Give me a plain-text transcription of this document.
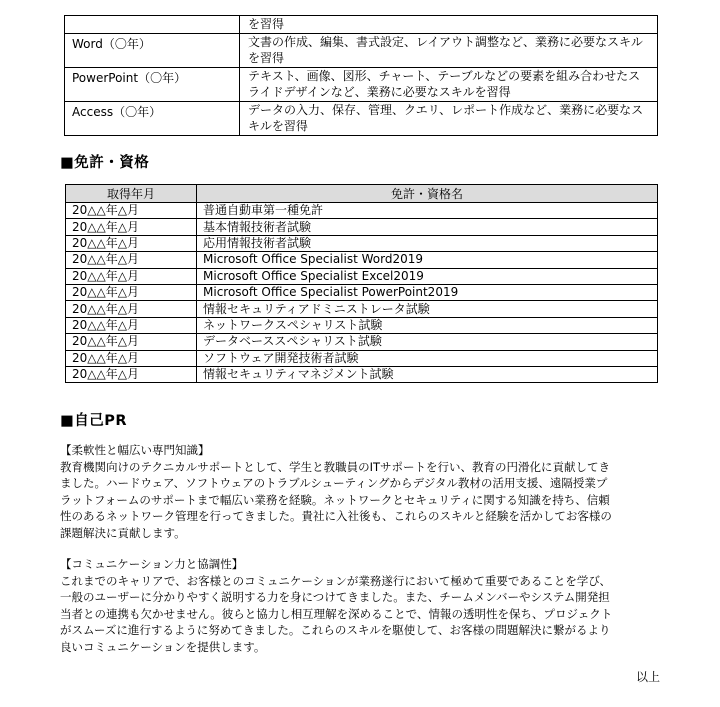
	を習得
Word（〇年）	文書の作成、編集、書式設定、レイアウト調整など、業務に必要なスキルを習得
PowerPoint（〇年）	テキスト、画像、図形、チャート、テーブルなどの要素を組み合わせたスライドデザインなど、業務に必要なスキルを習得
Access（〇年）	データの入力、保存、管理、クエリ、レポート作成など、業務に必要なスキルを習得
■免許・資格
取得年月	免許・資格名
20△△年△月	普通自動車第一種免許
20△△年△月	基本情報技術者試験
20△△年△月	応用情報技術者試験
20△△年△月	Microsoft Office Specialist Word2019
20△△年△月	Microsoft Office Specialist Excel2019
20△△年△月	Microsoft Office Specialist PowerPoint2019
20△△年△月	情報セキュリティアドミニストレータ試験
20△△年△月	ネットワークスペシャリスト試験
20△△年△月	データベーススペシャリスト試験
20△△年△月	ソフトウェア開発技術者試験
20△△年△月	情報セキュリティマネジメント試験
■自己PR

【柔軟性と幅広い専門知識】

教育機関向けのテクニカルサポートとして、学生と教職員のITサポートを行い、教育の円滑化に貢献してき

ました。ハードウェア、ソフトウェアのトラブルシューティングからデジタル教材の活用支援、遠隔授業プ

ラットフォームのサポートまで幅広い業務を経験。ネットワークとセキュリティに関する知識を持ち、信頼

性のあるネットワーク管理を行ってきました。貴社に入社後も、これらのスキルと経験を活かしてお客様の

課題解決に貢献します。

【コミュニケーション力と協調性】

これまでのキャリアで、お客様とのコミュニケーションが業務遂行において極めて重要であることを学び、

一般のユーザーに分かりやすく説明する力を身につけてきました。また、チームメンバーやシステム開発担

当者との連携も欠かせません。彼らと協力し相互理解を深めることで、情報の透明性を保ち、プロジェクト

がスムーズに進行するように努めてきました。これらのスキルを駆使して、お客様の問題解決に繋がるより

良いコミュニケーションを提供します。

以上
